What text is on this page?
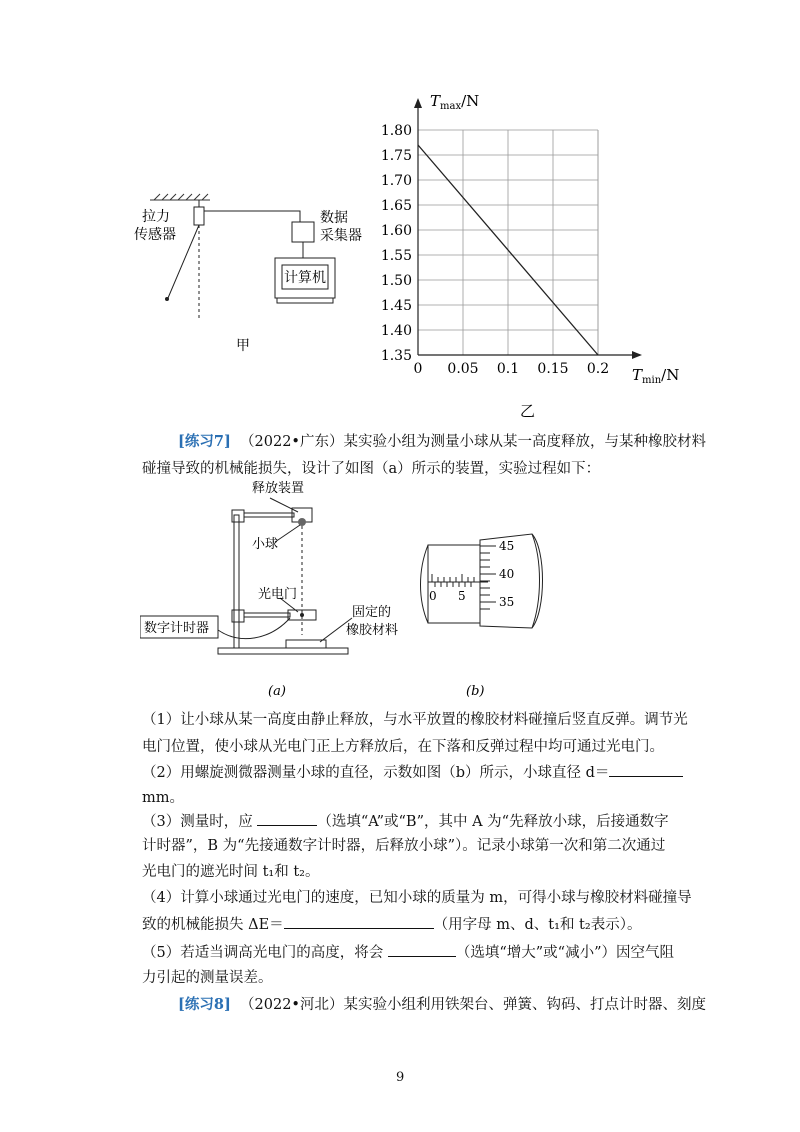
拉力
传感器
数据
采集器
计算机
甲
0 0.05 0.1 0.15 0.2
1.35
1.40
1.45
1.50
1.55
1.60
1.65
1.70
1.75
1.80
$T_{max}/N$
$T_{min}/N$
乙
[练习7] （2022•广东）某实验小组为测量小球从某一高度释放，与某种橡胶材料
碰撞导致的机械能损失，设计了如图（a）所示的装置，实验过程如下：
释放装置
小球
光电门
数字计时器
固定的
橡胶材料
(a)
45
40
35
0 5
(b)
（1）让小球从某一高度由静止释放，与水平放置的橡胶材料碰撞后竖直反弹。调节光
电门位置，使小球从光电门正上方释放后，在下落和反弹过程中均可通过光电门。
（2）用螺旋测微器测量小球的直径，示数如图（b）所示，小球直径 d＝
mm。
（3）测量时，应	（选填“A”或“B”，其中 A 为“先释放小球，后接通数字
计时器”，B 为“先接通数字计时器，后释放小球”）。记录小球第一次和第二次通过
光电门的遮光时间 t₁和 t₂。
（4）计算小球通过光电门的速度，已知小球的质量为 m，可得小球与橡胶材料碰撞导
致的机械能损失 ΔE＝	（用字母 m、d、t₁和 t₂表示）。
（5）若适当调高光电门的高度，将会	（选填“增大”或“减小”）因空气阻
力引起的测量误差。
[练习8] （2022•河北）某实验小组利用铁架台、弹簧、钩码、打点计时器、刻度
9
